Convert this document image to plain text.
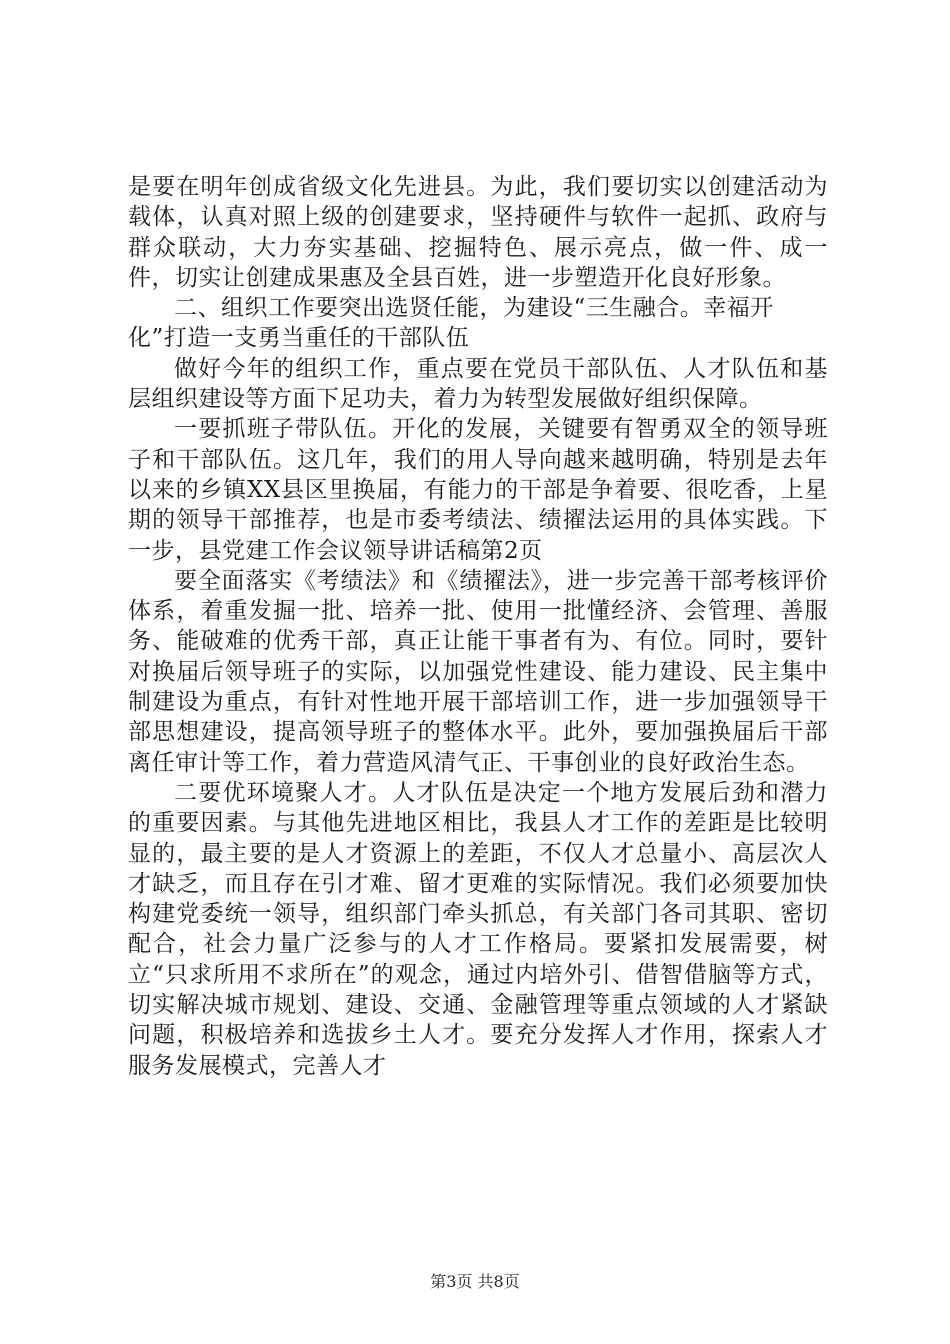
是要在明年创成省级文化先进县。为此，我们要切实以创建活动为载体，认真对照上级的创建要求，坚持硬件与软件一起抓、政府与群众联动，大力夯实基础、挖掘特色、展示亮点，做一件、成一件，切实让创建成果惠及全县百姓，进一步塑造开化良好形象。

二、组织工作要突出选贤任能，为建设“三生融合。幸福开化”打造一支勇当重任的干部队伍

做好今年的组织工作，重点要在党员干部队伍、人才队伍和基层组织建设等方面下足功夫，着力为转型发展做好组织保障。

一要抓班子带队伍。开化的发展，关键要有智勇双全的领导班子和干部队伍。这几年，我们的用人导向越来越明确，特别是去年以来的乡镇XX县区里换届，有能力的干部是争着要、很吃香，上星期的领导干部推荐，也是市委考绩法、绩擢法运用的具体实践。下一步，县党建工作会议领导讲话稿第2页

要全面落实《考绩法》和《绩擢法》，进一步完善干部考核评价体系，着重发掘一批、培养一批、使用一批懂经济、会管理、善服务、能破难的优秀干部，真正让能干事者有为、有位。同时，要针对换届后领导班子的实际，以加强党性建设、能力建设、民主集中制建设为重点，有针对性地开展干部培训工作，进一步加强领导干部思想建设，提高领导班子的整体水平。此外，要加强换届后干部离任审计等工作，着力营造风清气正、干事创业的良好政治生态。

二要优环境聚人才。人才队伍是决定一个地方发展后劲和潜力的重要因素。与其他先进地区相比，我县人才工作的差距是比较明显的，最主要的是人才资源上的差距，不仅人才总量小、高层次人才缺乏，而且存在引才难、留才更难的实际情况。我们必须要加快构建党委统一领导，组织部门牵头抓总，有关部门各司其职、密切配合，社会力量广泛参与的人才工作格局。要紧扣发展需要，树立“只求所用不求所在”的观念，通过内培外引、借智借脑等方式，切实解决城市规划、建设、交通、金融管理等重点领域的人才紧缺问题，积极培养和选拔乡土人才。要充分发挥人才作用，探索人才服务发展模式，完善人才

第3页 共8页
